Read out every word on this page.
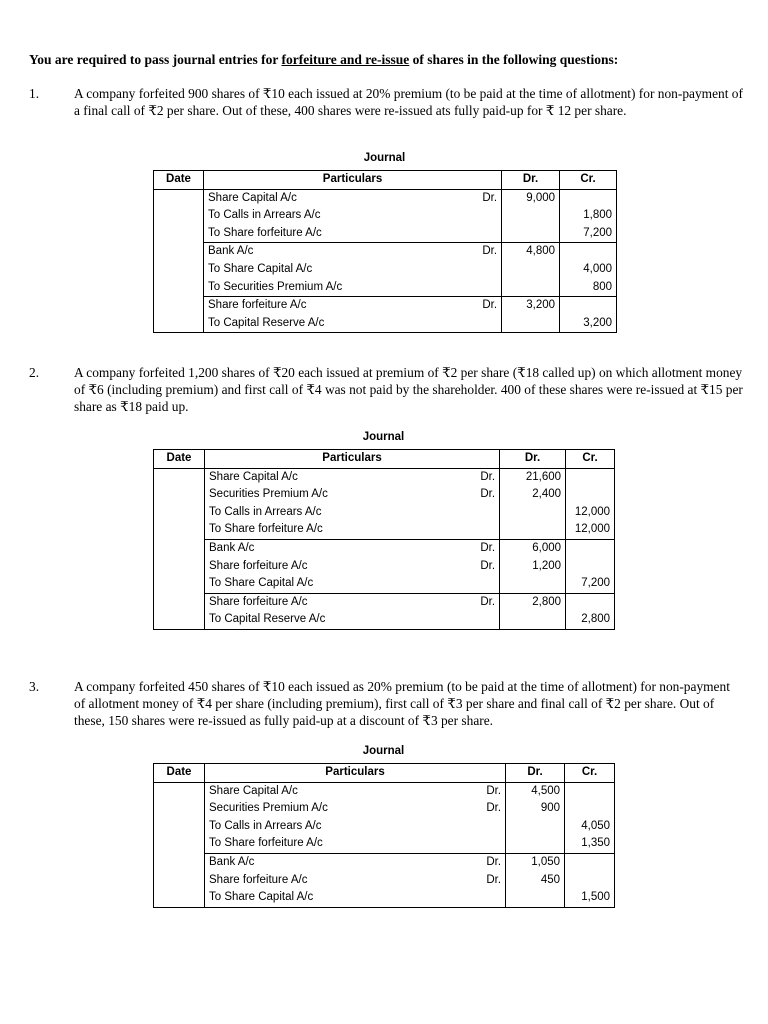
You are required to pass journal entries for forfeiture and re-issue of shares in the following questions:
1.	A company forfeited 900 shares of ₹10 each issued at 20% premium (to be paid at the time of allotment) for non-payment of a final call of ₹2 per share. Out of these, 400 shares were re-issued ats fully paid-up for ₹ 12 per share.
Journal
Date	Particulars		Dr.	Cr.
	Share Capital A/c	Dr.	9,000	
	To Calls in Arrears A/c			1,800
	To Share forfeiture A/c			7,200
	Bank A/c	Dr.	4,800	
	To Share Capital A/c			4,000
	To Securities Premium A/c			800
	Share forfeiture A/c	Dr.	3,200	
	To Capital Reserve A/c			3,200
2.	A company forfeited 1,200 shares of ₹20 each issued at premium of ₹2 per share (₹18 called up) on which allotment money of ₹6 (including premium) and first call of ₹4 was not paid by the shareholder. 400 of these shares were re-issued at ₹15 per share as ₹18 paid up.
Journal
Date	Particulars		Dr.	Cr.
	Share Capital A/c	Dr.	21,600	
	Securities Premium A/c	Dr.	2,400	
	To Calls in Arrears A/c			12,000
	To Share forfeiture A/c			12,000
	Bank A/c	Dr.	6,000	
	Share forfeiture A/c	Dr.	1,200	
	To Share Capital A/c			7,200
	Share forfeiture A/c	Dr.	2,800	
	To Capital Reserve A/c			2,800
3.	A company forfeited 450 shares of ₹10 each issued as 20% premium (to be paid at the time of allotment) for non-payment of allotment money of ₹4 per share (including premium), first call of ₹3 per share and final call of ₹2 per share. Out of these, 150 shares were re-issued as fully paid-up at a discount of ₹3 per share.
Journal
Date	Particulars		Dr.	Cr.
	Share Capital A/c	Dr.	4,500	
	Securities Premium A/c	Dr.	900	
	To Calls in Arrears A/c			4,050
	To Share forfeiture A/c			1,350
	Bank A/c	Dr.	1,050	
	Share forfeiture A/c	Dr.	450	
	To Share Capital A/c			1,500
